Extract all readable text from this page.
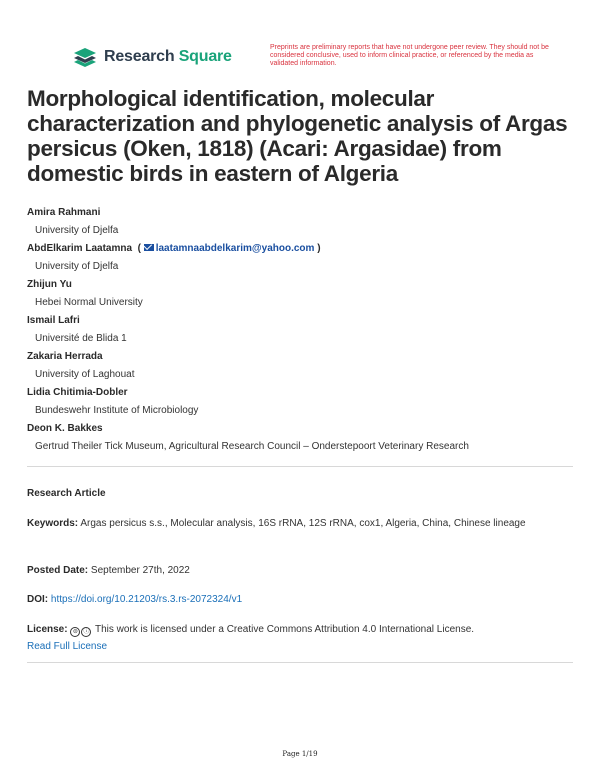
Research Square
Preprints are preliminary reports that have not undergone peer review. They should not be considered conclusive, used to inform clinical practice, or referenced by the media as validated information.
Morphological identification, molecular characterization and phylogenetic analysis of Argas persicus (Oken, 1818) (Acari: Argasidae) from domestic birds in eastern of Algeria
Amira Rahmani
University of Djelfa
AbdElkarim Laatamna  ( laatamnaabdelkarim@yahoo.com )
University of Djelfa
Zhijun Yu
Hebei Normal University
Ismail Lafri
Université de Blida 1
Zakaria Herrada
University of Laghouat
Lidia Chitimia-Dobler
Bundeswehr Institute of Microbiology
Deon K. Bakkes
Gertrud Theiler Tick Museum, Agricultural Research Council – Onderstepoort Veterinary Research
Research Article
Keywords: Argas persicus s.s., Molecular analysis, 16S rRNA, 12S rRNA, cox1, Algeria, China, Chinese lineage
Posted Date: September 27th, 2022
DOI: https://doi.org/10.21203/rs.3.rs-2072324/v1
License: ⊜ ⓘ This work is licensed under a Creative Commons Attribution 4.0 International License.
Read Full License
Page 1/19
